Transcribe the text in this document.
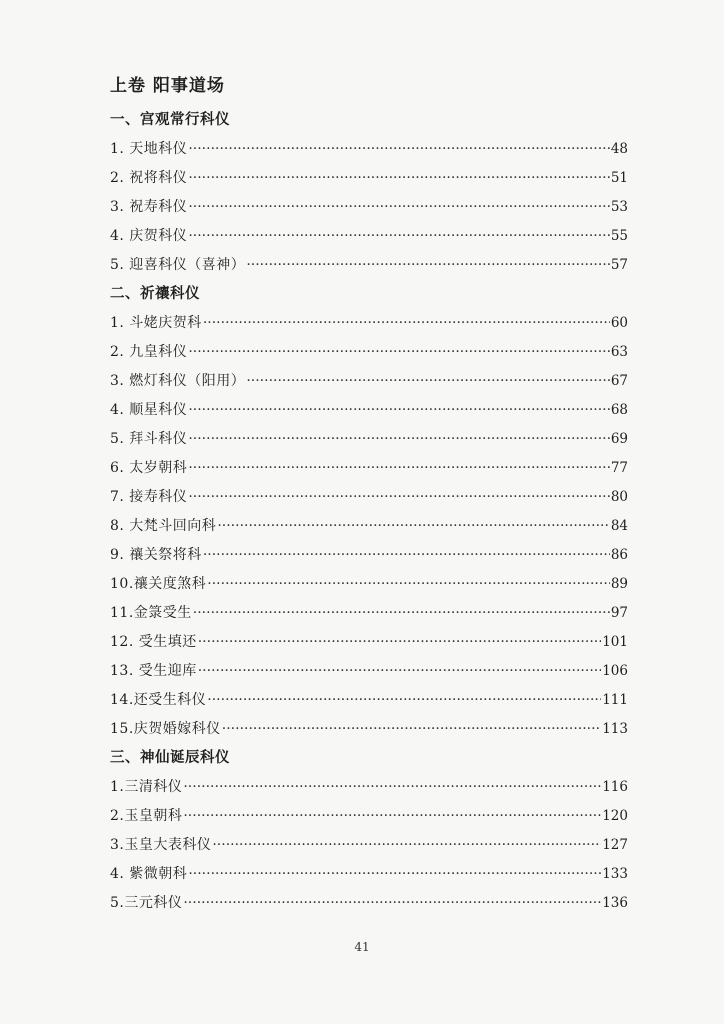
上卷 阳事道场
一、宫观常行科仪
1. 天地科仪 ·····	48
2. 祝将科仪 ·····	51
3. 祝寿科仪 ·····	53
4. 庆贺科仪 ·····	55
5. 迎喜科仪（喜神） ·····	57
二、祈禳科仪
1. 斗姥庆贺科 ·····	60
2. 九皇科仪 ·····	63
3. 燃灯科仪（阳用） ·····	67
4. 顺星科仪 ·····	68
5. 拜斗科仪 ·····	69
6. 太岁朝科 ·····	77
7. 接寿科仪 ·····	80
8. 大梵斗回向科 ·····	84
9. 禳关祭将科 ·····	86
10.禳关度煞科 ·····	89
11.金箓受生 ·····	97
12. 受生填还 ·····	101
13. 受生迎库 ·····	106
14.还受生科仪 ·····	111
15.庆贺婚嫁科仪 ·····	113
三、神仙诞辰科仪
1.三清科仪 ·····	116
2.玉皇朝科 ·····	120
3.玉皇大表科仪 ·····	127
4. 紫微朝科 ·····	133
5.三元科仪 ·····	136
41
